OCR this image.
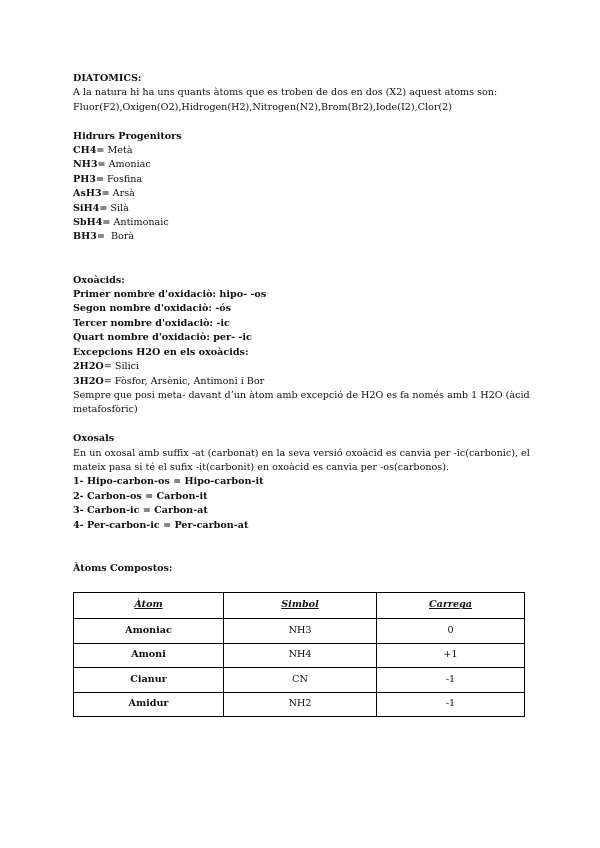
DIATOMICS:

A la natura hi ha uns quants àtoms que es troben de dos en dos (X2) aquest atoms son:

Fluor(F2),Oxigen(O2),Hidrogen(H2),Nitrogen(N2),Brom(Br2),Iode(I2),Clor(2)

Hidrurs Progenitors

CH4= Metà

NH3= Amoniac

PH3= Fosfina

AsH3= Arsà

SiH4= Silà

SbH4= Antimonaic

BH3=  Borà

Oxoàcids:

Primer nombre d'oxidaciò: hipo- -os

Segon nombre d'oxidaciò: -ós

Tercer nombre d'oxidaciò: -ic

Quart nombre d'oxidaciò: per- -ic

Excepcions H2O en els oxoàcids:

2H2O= Silici

3H2O= Fòsfor, Arsènic, Antimoni i Bor

Sempre que posi meta- davant d’un àtom amb excepció de H2O es fa només amb 1 H2O (àcid metafosfòric)

Oxosals

En un oxosal amb suffix -at (carbonat) en la seva versió oxoàcid es canvia per -ic(carbonic), el mateix pasa si té el sufix -it(carbonit) en oxoàcid es canvia per -os(carbonos).

1- Hipo-carbon-os = Hipo-carbon-it

2- Carbon-os = Carbon-it

3- Carbon-ic = Carbon-at

4- Per-carbon-ic = Per-carbon-at

Àtoms Compostos:

Àtom	Simbol	Carrega
Amoniac	NH3	0
Amoni	NH4	+1
Cianur	CN	-1
Amidur	NH2	-1
